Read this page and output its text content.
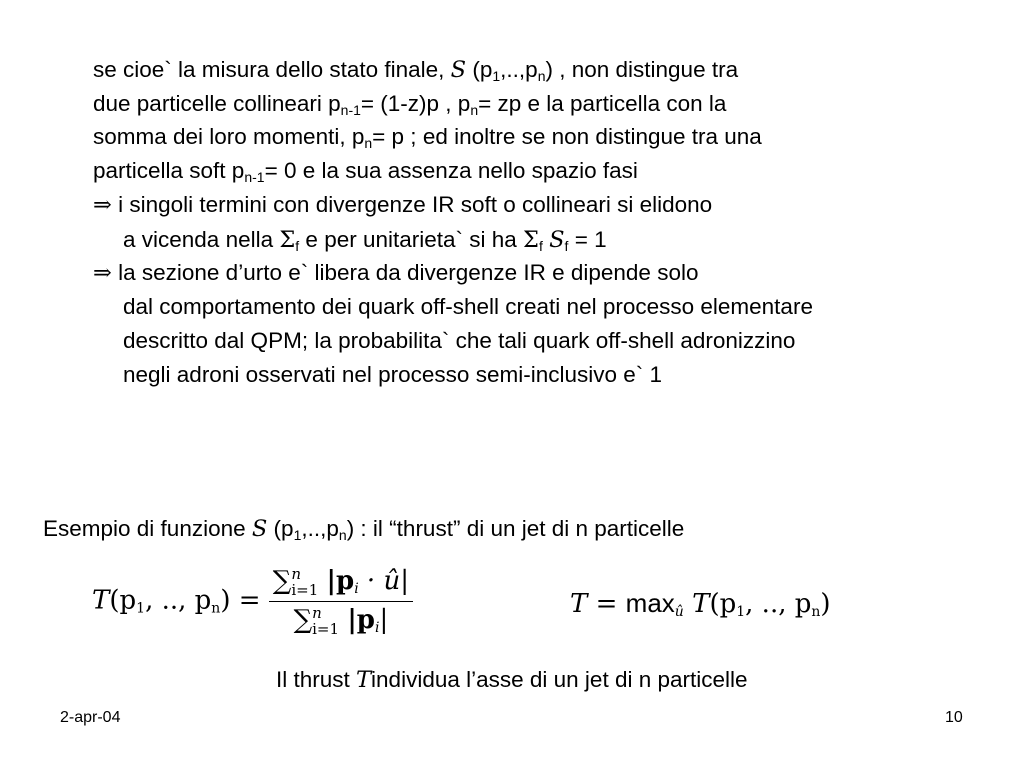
se cioe` la misura dello stato finale, S $(p_1,..,p_n)$ , non distingue tra
due particelle collineari $p_{n-1}= (1-z)p$ , $p_n=$ zp e la particella con la
somma dei loro momenti, $p_n= p$ ; ed inoltre se non distingue tra una
particella soft $p_{n-1}= 0$ e la sua assenza nello spazio fasi
⇒ i singoli termini con divergenze IR soft o collineari si elidono
a vicenda nella $\Sigma_f$ e per unitarieta` si ha $\Sigma_f$ $S_f = 1$
⇒ la sezione d’urto e` libera da divergenze IR e dipende solo
dal comportamento dei quark off-shell creati nel processo elementare
descritto dal QPM; la probabilita` che tali quark off-shell adronizzino
negli adroni osservati nel processo semi-inclusivo e` 1
Esempio di funzione S $(p_1,..,p_n)$ : il “thrust” di un jet di n particelle
$T(p_1$, .., $p_n$) = ∑ n
i=1 $|p_i$ · û|
∑ n
i=1 $|p_i|$	$T = \max_û T(p_1$, .., $p_n$)
Il thrust Tindividua l’asse di un jet di n particelle
2-apr-04	10
